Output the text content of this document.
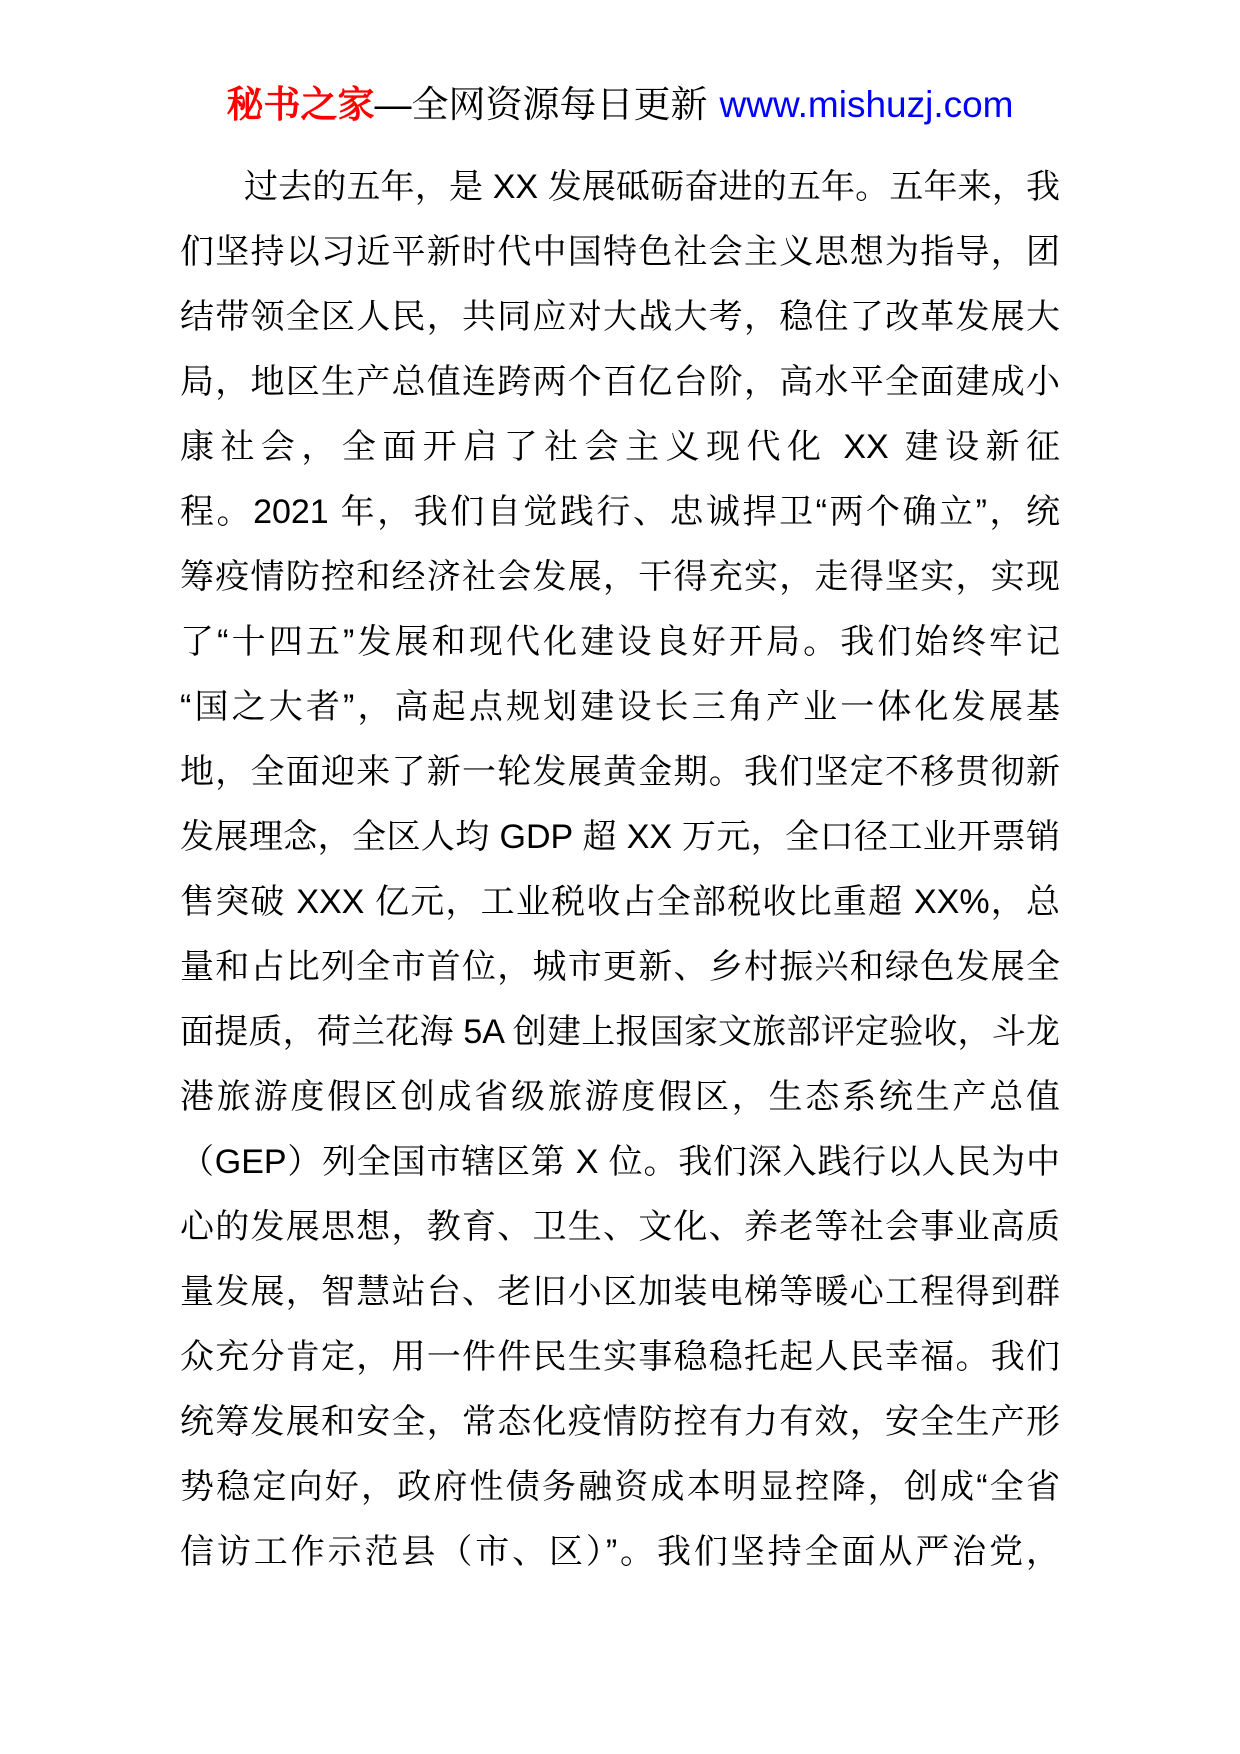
秘书之家—全网资源每日更新 www.mishuzj.com
过去的五年，是 XX 发展砥砺奋进的五年。五年来，我
们坚持以习近平新时代中国特色社会主义思想为指导，团
结带领全区人民，共同应对大战大考，稳住了改革发展大
局，地区生产总值连跨两个百亿台阶，高水平全面建成小
康社会，全面开启了社会主义现代化 XX 建设新征
程。2021 年，我们自觉践行、忠诚捍卫“两个确立”，统
筹疫情防控和经济社会发展，干得充实，走得坚实，实现
了“十四五”发展和现代化建设良好开局。我们始终牢记
“国之大者”，高起点规划建设长三角产业一体化发展基
地，全面迎来了新一轮发展黄金期。我们坚定不移贯彻新
发展理念，全区人均 GDP 超 XX 万元，全口径工业开票销
售突破 XXX 亿元，工业税收占全部税收比重超 XX%，总
量和占比列全市首位，城市更新、乡村振兴和绿色发展全
面提质，荷兰花海 5A 创建上报国家文旅部评定验收，斗龙
港旅游度假区创成省级旅游度假区，生态系统生产总值
（GEP）列全国市辖区第 X 位。我们深入践行以人民为中
心的发展思想，教育、卫生、文化、养老等社会事业高质
量发展，智慧站台、老旧小区加装电梯等暖心工程得到群
众充分肯定，用一件件民生实事稳稳托起人民幸福。我们
统筹发展和安全，常态化疫情防控有力有效，安全生产形
势稳定向好，政府性债务融资成本明显控降，创成“全省
信访工作示范县（市、区）”。我们坚持全面从严治党，
